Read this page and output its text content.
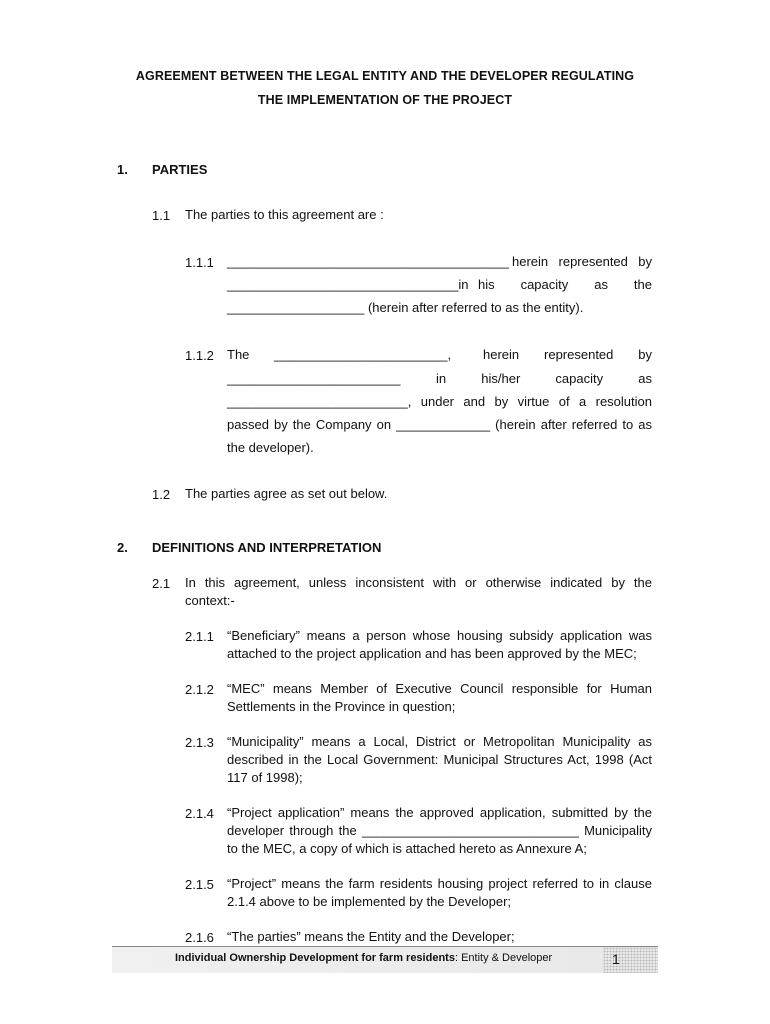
AGREEMENT BETWEEN THE LEGAL ENTITY AND THE DEVELOPER REGULATING
THE IMPLEMENTATION OF THE PROJECT
1. PARTIES
1.1 The parties to this agreement are :
1.1.1 _______________________________________ herein represented by
________________________________in his capacity as the
___________________ (herein after referred to as the entity).
1.1.2 The ________________________, herein represented by
________________________	in his/her capacity as
_________________________, under and by virtue of a resolution
passed by the Company on _____________ (herein after referred to as
the developer).
1.2 The parties agree as set out below.
2. DEFINITIONS AND INTERPRETATION
2.1 In this agreement, unless inconsistent with or otherwise indicated by the
context:-
2.1.1 “Beneficiary” means a person whose housing subsidy application was
attached to the project application and has been approved by the MEC;
2.1.2 “MEC” means Member of Executive Council responsible for Human
Settlements in the Province in question;
2.1.3 “Municipality” means a Local, District or Metropolitan Municipality as
described in the Local Government: Municipal Structures Act, 1998 (Act
117 of 1998);
2.1.4 “Project application” means the approved application, submitted by the
developer through the ______________________________ Municipality
to the MEC, a copy of which is attached hereto as Annexure A;
2.1.5 “Project” means the farm residents housing project referred to in clause
2.1.4 above to be implemented by the Developer;
2.1.6 “The parties” means the Entity and the Developer;
Individual Ownership Development for farm residents: Entity & Developer	1
